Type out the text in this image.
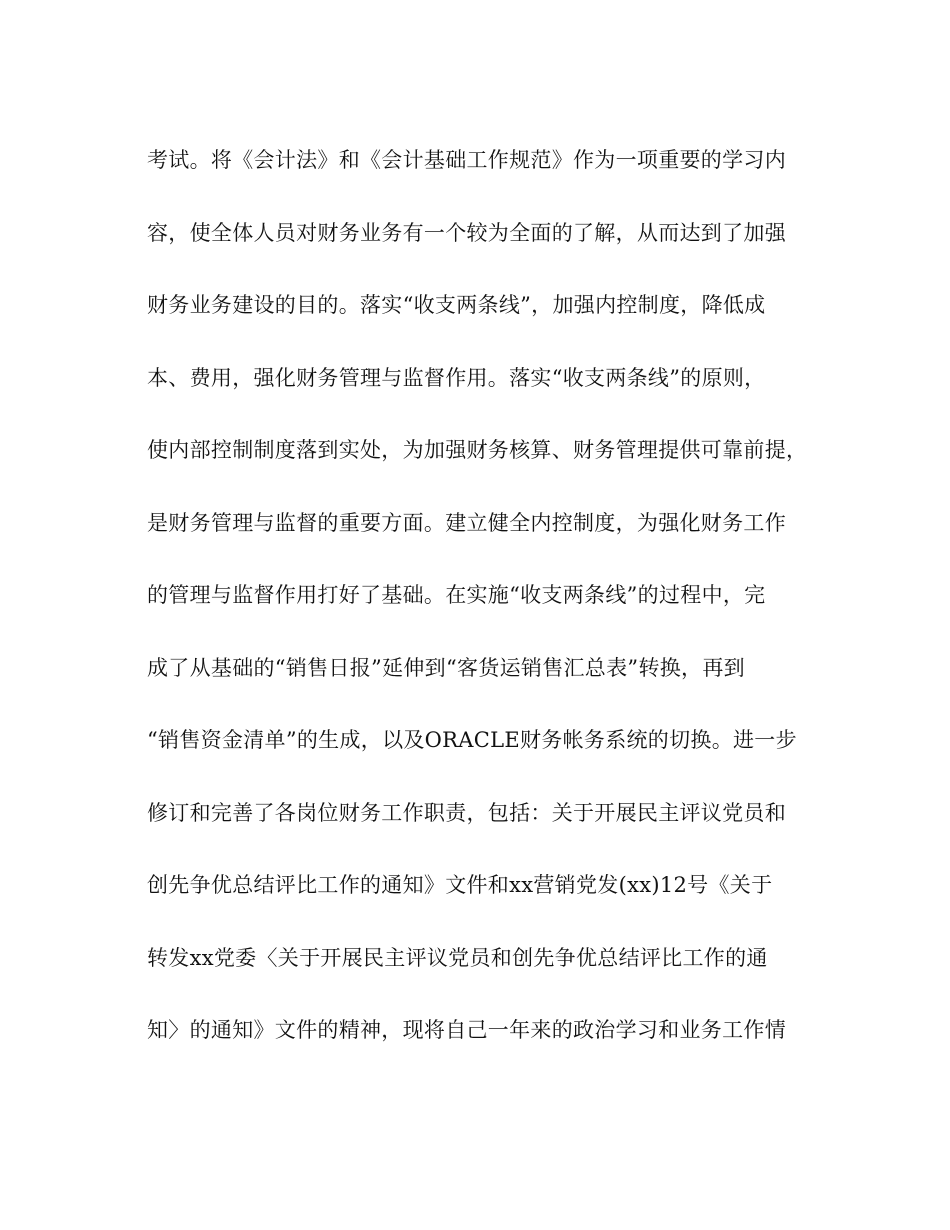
考试。将《会计法》和《会计基础工作规范》作为一项重要的学习内
容，使全体人员对财务业务有一个较为全面的了解，从而达到了加强
财务业务建设的目的。落实“收支两条线”，加强内控制度，降低成
本、费用，强化财务管理与监督作用。落实“收支两条线”的原则，
使内部控制制度落到实处，为加强财务核算、财务管理提供可靠前提，
是财务管理与监督的重要方面。建立健全内控制度，为强化财务工作
的管理与监督作用打好了基础。在实施“收支两条线”的过程中，完
成了从基础的“销售日报”延伸到“客货运销售汇总表”转换，再到
“销售资金清单”的生成，以及ORACLE财务帐务系统的切换。进一步
修订和完善了各岗位财务工作职责，包括：关于开展民主评议党员和
创先争优总结评比工作的通知》文件和xx营销党发(xx)12号《关于
转发xx党委〈关于开展民主评议党员和创先争优总结评比工作的通
知〉的通知》文件的精神，现将自己一年来的政治学习和业务工作情
